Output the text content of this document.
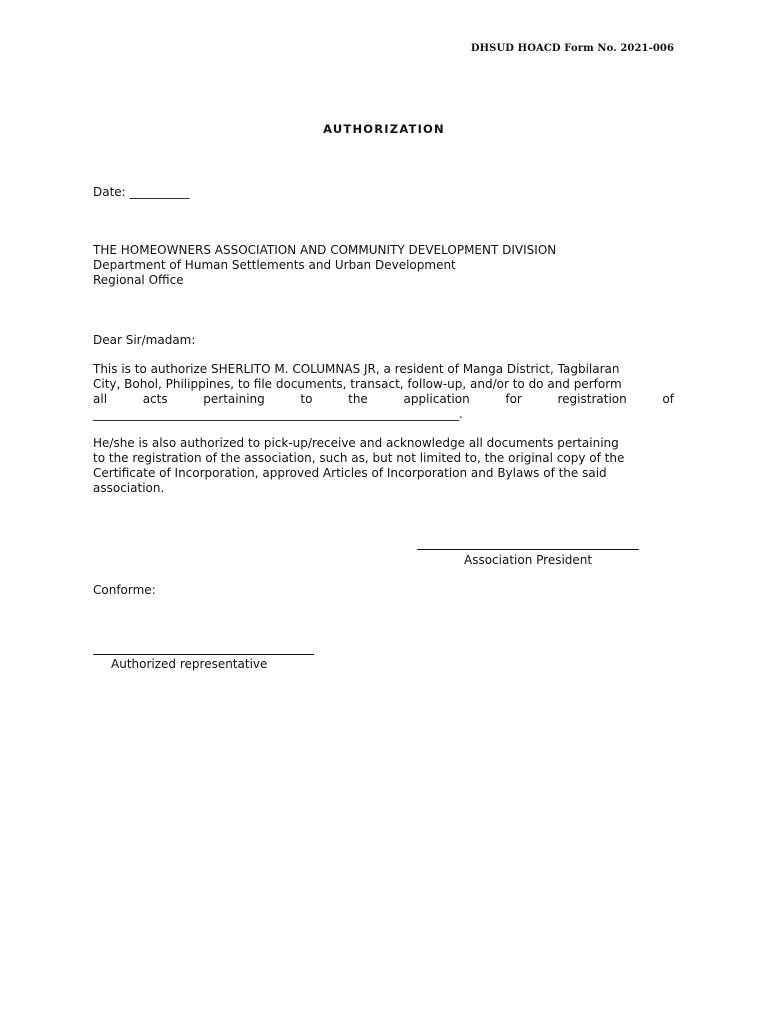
DHSUD HOACD Form No. 2021-006
AUTHORIZATION
Date: __________
THE HOMEOWNERS ASSOCIATION AND COMMUNITY DEVELOPMENT DIVISION
Department of Human Settlements and Urban Development
Regional Office
Dear Sir/madam:
This is to authorize SHERLITO M. COLUMNAS JR, a resident of Manga District, Tagbilaran
City, Bohol, Philippines, to file documents, transact, follow-up, and/or to do and perform
all	acts	pertaining	to	the	application	for	registration	of
_____________________________________________________________.
He/she is also authorized to pick-up/receive and acknowledge all documents pertaining
to the registration of the association, such as, but not limited to, the original copy of the
Certificate of Incorporation, approved Articles of Incorporation and Bylaws of the said
association.
Association President
Conforme:
Authorized representative
